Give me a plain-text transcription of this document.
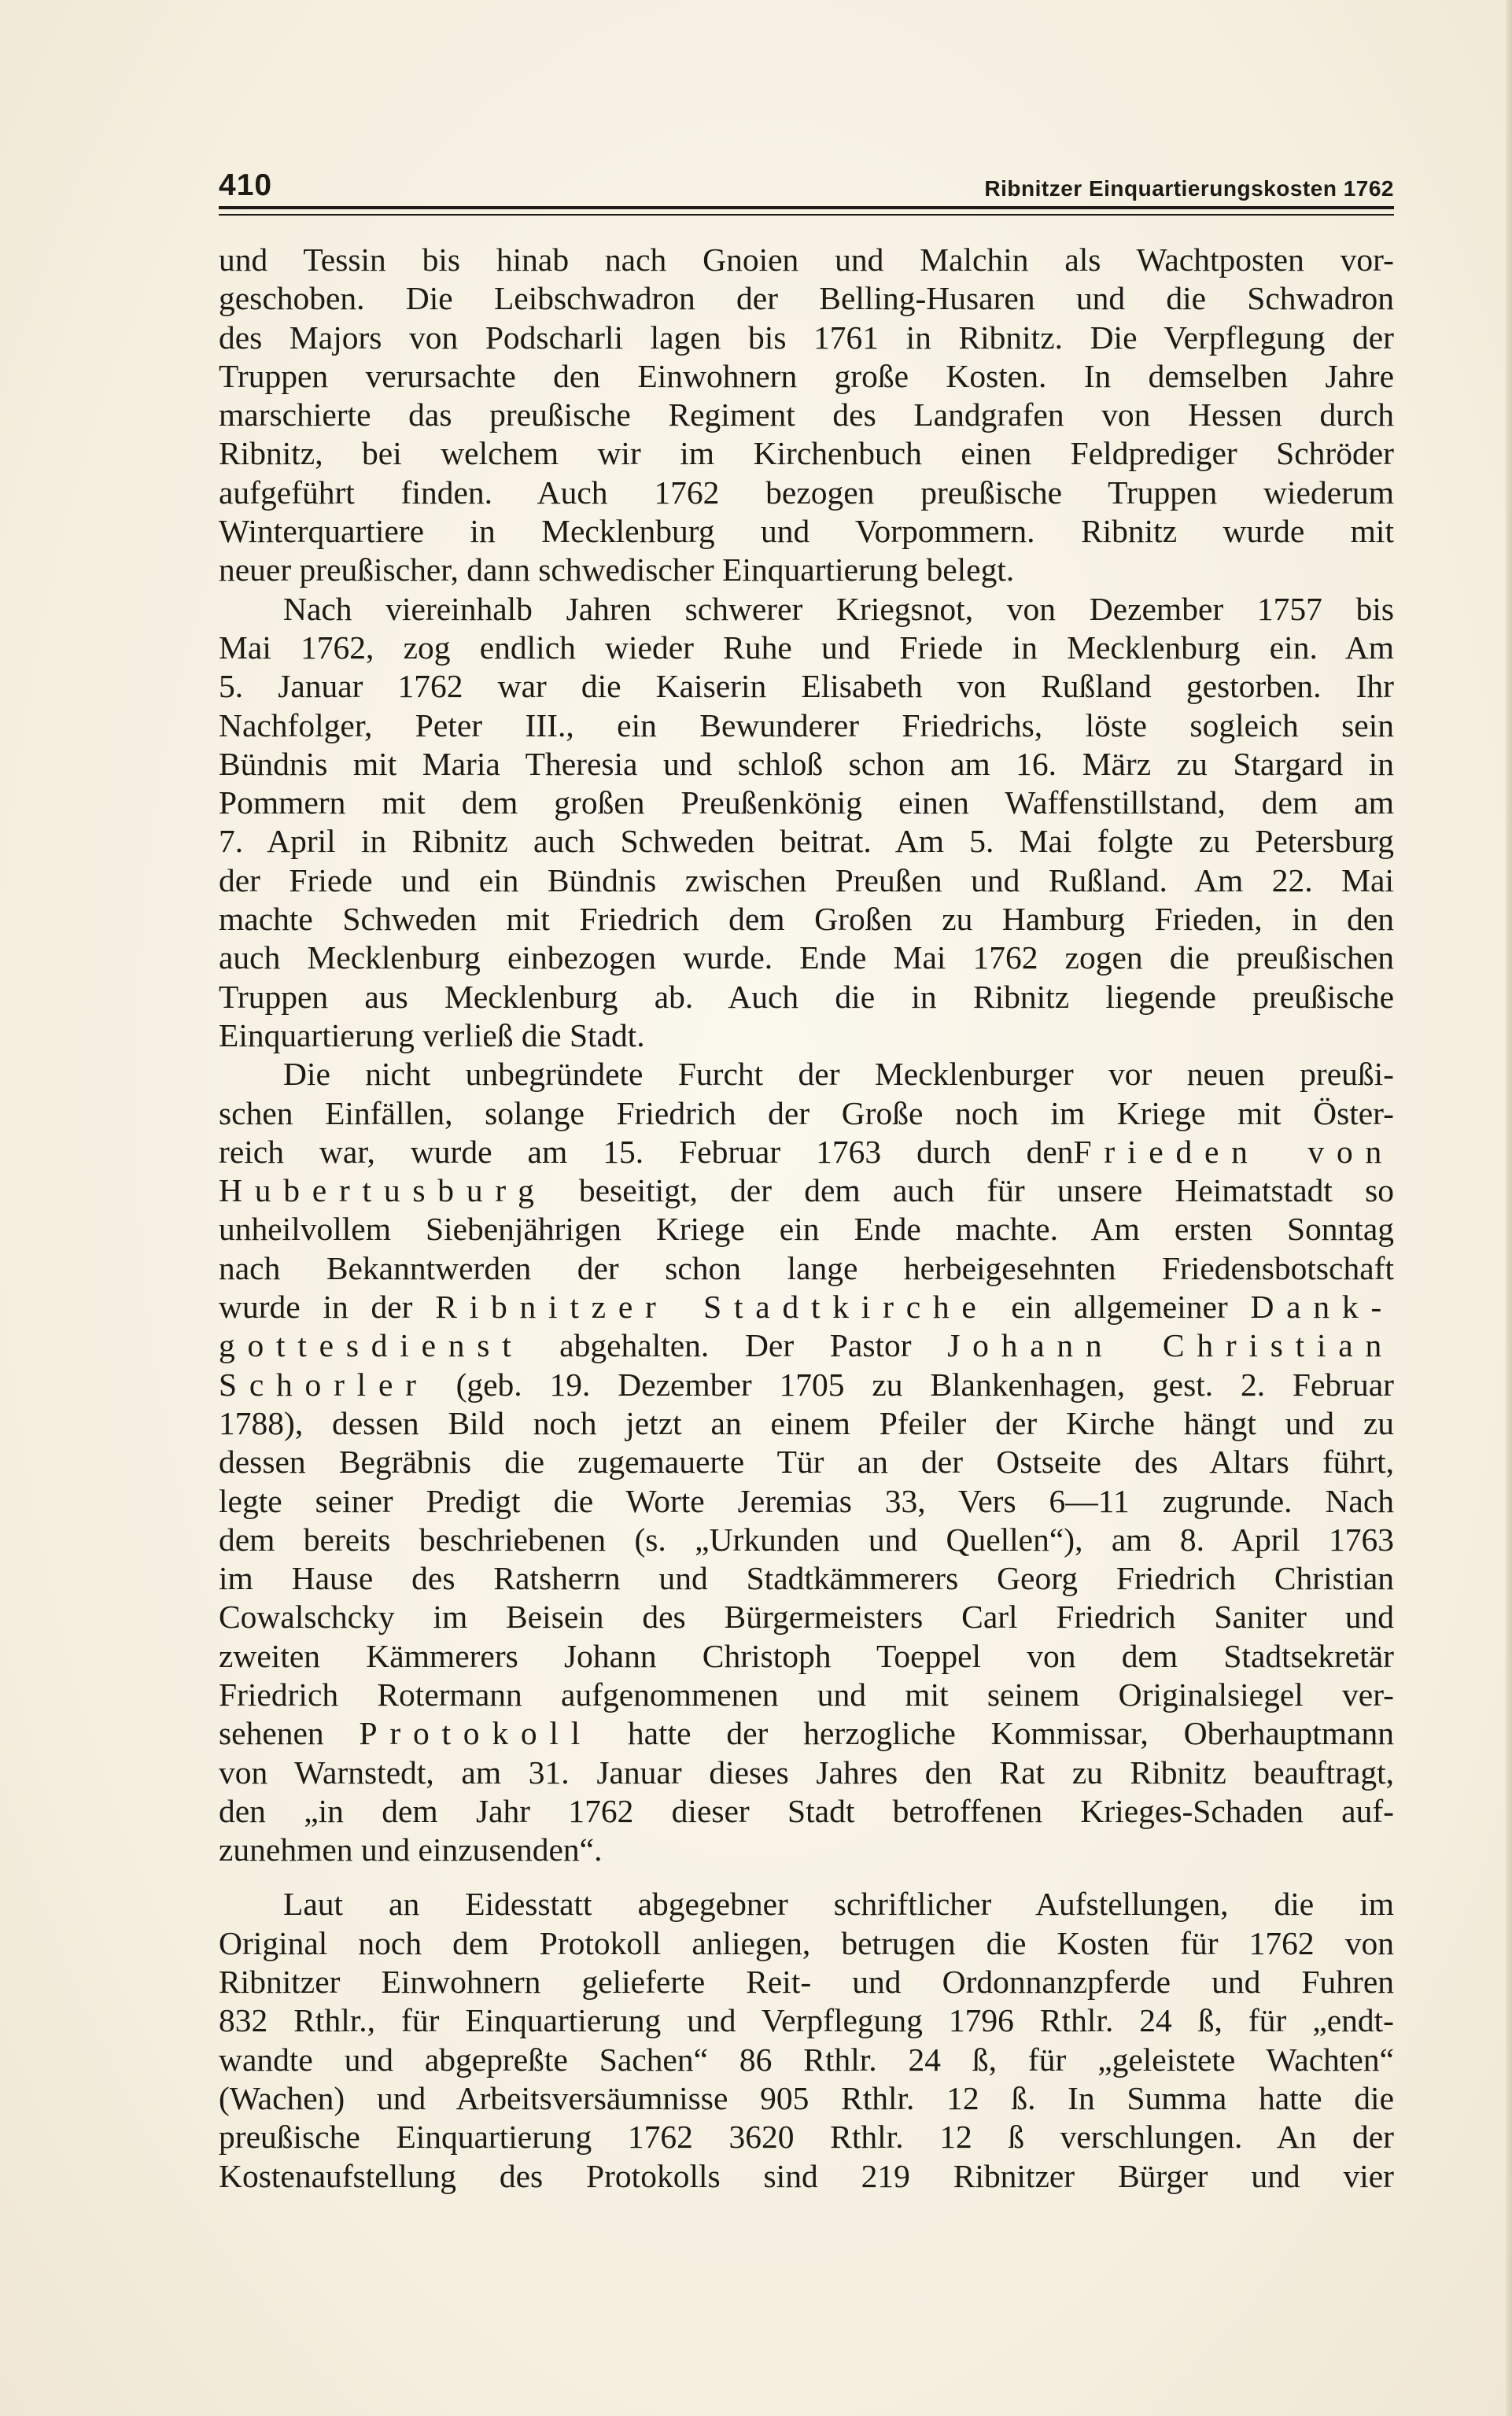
410	Ribnitzer Einquartierungskosten 1762
und Tessin bis hinab nach Gnoien und Malchin als Wachtposten vor-
geschoben. Die Leibschwadron der Belling-Husaren und die Schwadron
des Majors von Podscharli lagen bis 1761 in Ribnitz. Die Verpflegung der
Truppen verursachte den Einwohnern große Kosten. In demselben Jahre
marschierte das preußische Regiment des Landgrafen von Hessen durch
Ribnitz, bei welchem wir im Kirchenbuch einen Feldprediger Schröder
aufgeführt finden. Auch 1762 bezogen preußische Truppen wiederum
Winterquartiere in Mecklenburg und Vorpommern. Ribnitz wurde mit
neuer preußischer, dann schwedischer Einquartierung belegt.
Nach viereinhalb Jahren schwerer Kriegsnot, von Dezember 1757 bis
Mai 1762, zog endlich wieder Ruhe und Friede in Mecklenburg ein. Am
5. Januar 1762 war die Kaiserin Elisabeth von Rußland gestorben. Ihr
Nachfolger, Peter III., ein Bewunderer Friedrichs, löste sogleich sein
Bündnis mit Maria Theresia und schloß schon am 16. März zu Stargard in
Pommern mit dem großen Preußenkönig einen Waffenstillstand, dem am
7. April in Ribnitz auch Schweden beitrat. Am 5. Mai folgte zu Petersburg
der Friede und ein Bündnis zwischen Preußen und Rußland. Am 22. Mai
machte Schweden mit Friedrich dem Großen zu Hamburg Frieden, in den
auch Mecklenburg einbezogen wurde. Ende Mai 1762 zogen die preußischen
Truppen aus Mecklenburg ab. Auch die in Ribnitz liegende preußische
Einquartierung verließ die Stadt.
Die nicht unbegründete Furcht der Mecklenburger vor neuen preußi-
schen Einfällen, solange Friedrich der Große noch im Kriege mit Öster-
reich war, wurde am 15. Februar 1763 durch denFrieden von
Hubertusburg beseitigt, der dem auch für unsere Heimatstadt so
unheilvollem Siebenjährigen Kriege ein Ende machte. Am ersten Sonntag
nach Bekanntwerden der schon lange herbeigesehnten Friedensbotschaft
wurde in der Ribnitzer Stadtkirche ein allgemeiner Dank-
gottesdienst abgehalten. Der Pastor Johann Christian
Schorler (geb. 19. Dezember 1705 zu Blankenhagen, gest. 2. Februar
1788), dessen Bild noch jetzt an einem Pfeiler der Kirche hängt und zu
dessen Begräbnis die zugemauerte Tür an der Ostseite des Altars führt,
legte seiner Predigt die Worte Jeremias 33, Vers 6—11 zugrunde. Nach
dem bereits beschriebenen (s. „Urkunden und Quellen“), am 8. April 1763
im Hause des Ratsherrn und Stadtkämmerers Georg Friedrich Christian
Cowalschcky im Beisein des Bürgermeisters Carl Friedrich Saniter und
zweiten Kämmerers Johann Christoph Toeppel von dem Stadtsekretär
Friedrich Rotermann aufgenommenen und mit seinem Originalsiegel ver-
sehenen Protokoll hatte der herzogliche Kommissar, Oberhauptmann
von Warnstedt, am 31. Januar dieses Jahres den Rat zu Ribnitz beauftragt,
den „in dem Jahr 1762 dieser Stadt betroffenen Krieges-Schaden auf-
zunehmen und einzusenden“.
Laut an Eidesstatt abgegebner schriftlicher Aufstellungen, die im
Original noch dem Protokoll anliegen, betrugen die Kosten für 1762 von
Ribnitzer Einwohnern gelieferte Reit- und Ordonnanzpferde und Fuhren
832 Rthlr., für Einquartierung und Verpflegung 1796 Rthlr. 24 ß, für „endt-
wandte und abgepreßte Sachen“ 86 Rthlr. 24 ß, für „geleistete Wachten“
(Wachen) und Arbeitsversäumnisse 905 Rthlr. 12 ß. In Summa hatte die
preußische Einquartierung 1762 3620 Rthlr. 12 ß verschlungen. An der
Kostenaufstellung des Protokolls sind 219 Ribnitzer Bürger und vier
